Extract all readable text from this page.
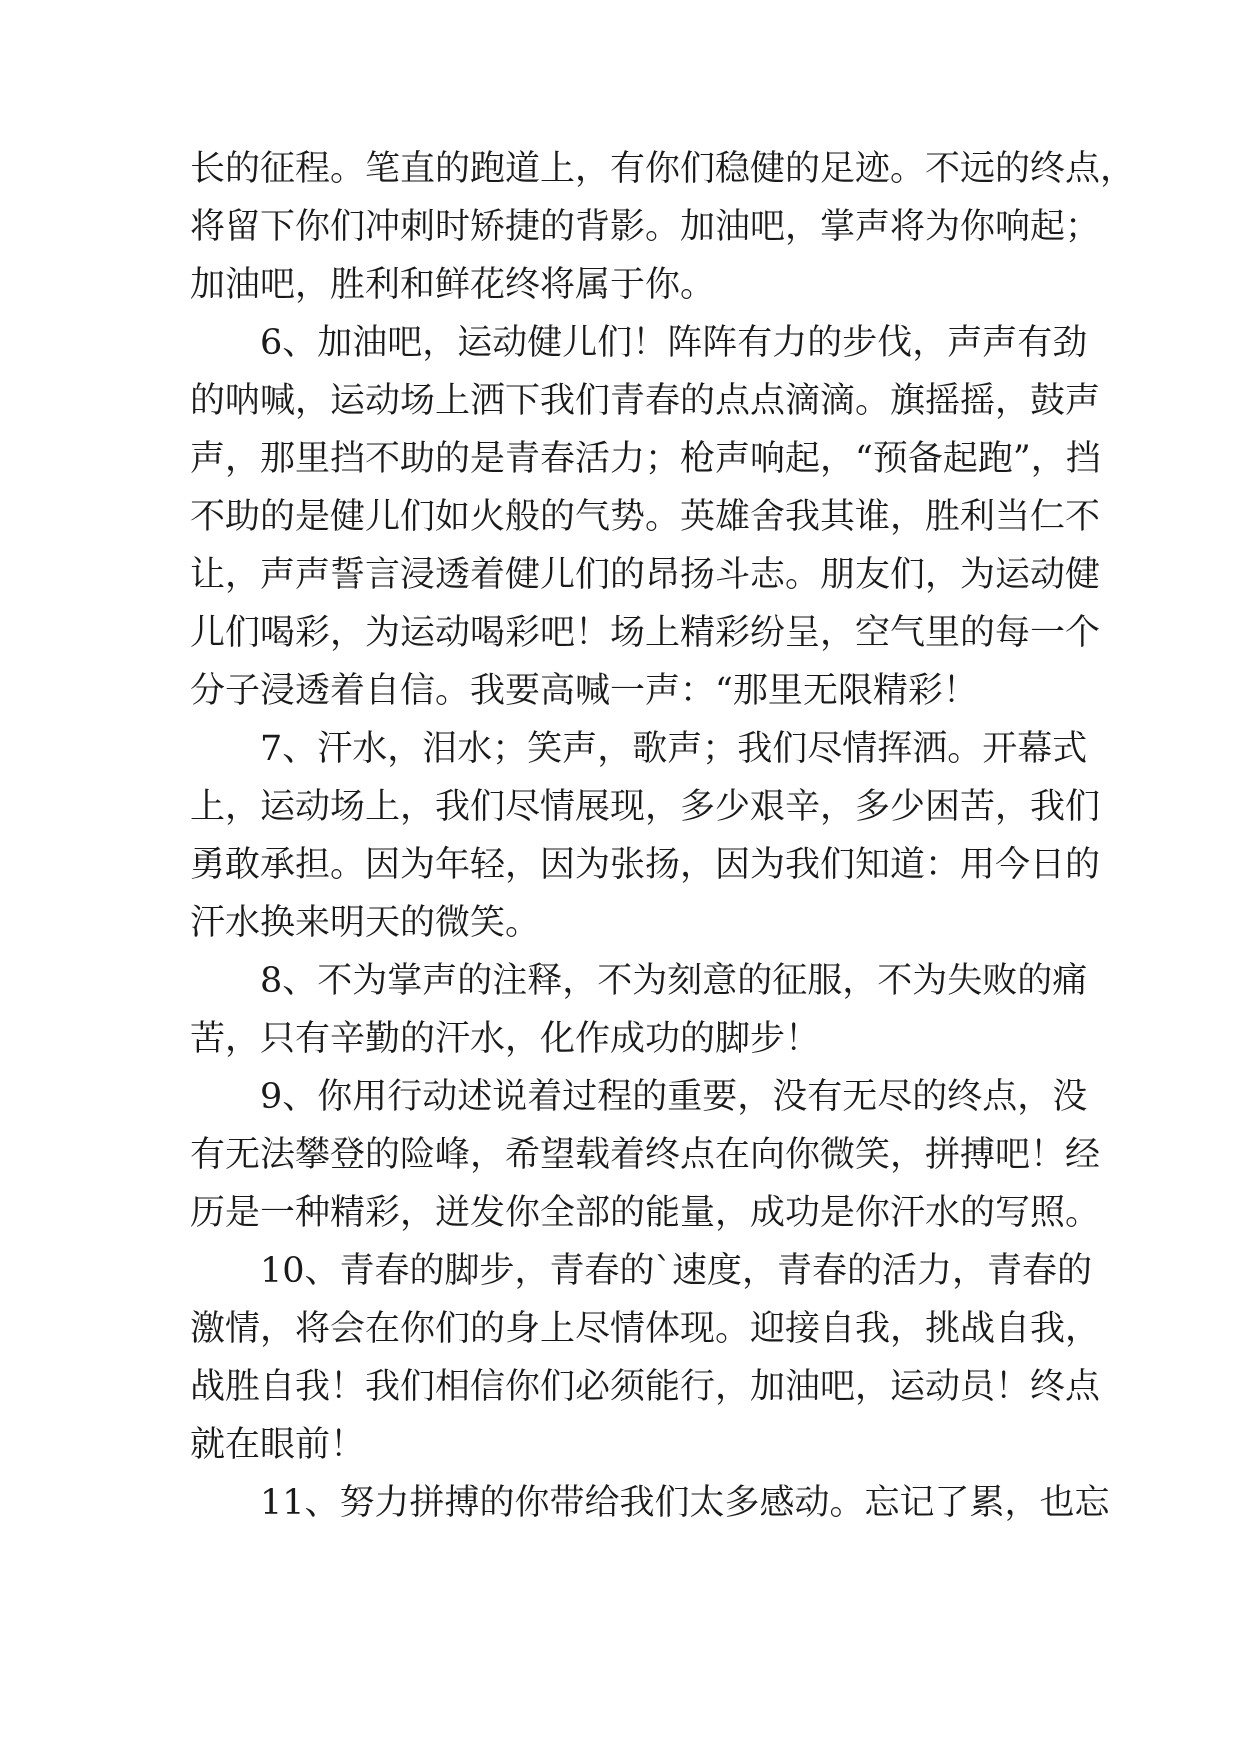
长的征程。笔直的跑道上，有你们稳健的足迹。不远的终点，
将留下你们冲刺时矫捷的背影。加油吧，掌声将为你响起；
加油吧，胜利和鲜花终将属于你。
6、加油吧，运动健儿们！阵阵有力的步伐，声声有劲
的呐喊，运动场上洒下我们青春的点点滴滴。旗摇摇，鼓声
声，那里挡不助的是青春活力；枪声响起，“预备起跑”，挡
不助的是健儿们如火般的气势。英雄舍我其谁，胜利当仁不
让，声声誓言浸透着健儿们的昂扬斗志。朋友们，为运动健
儿们喝彩，为运动喝彩吧！场上精彩纷呈，空气里的每一个
分子浸透着自信。我要高喊一声：“那里无限精彩！
7、汗水，泪水；笑声，歌声；我们尽情挥洒。开幕式
上，运动场上，我们尽情展现，多少艰辛，多少困苦，我们
勇敢承担。因为年轻，因为张扬，因为我们知道：用今日的
汗水换来明天的微笑。
8、不为掌声的注释，不为刻意的征服，不为失败的痛
苦，只有辛勤的汗水，化作成功的脚步！
9、你用行动述说着过程的重要，没有无尽的终点，没
有无法攀登的险峰，希望载着终点在向你微笑，拼搏吧！经
历是一种精彩，迸发你全部的能量，成功是你汗水的写照。
10、青春的脚步，青春的`速度，青春的活力，青春的
激情，将会在你们的身上尽情体现。迎接自我，挑战自我，
战胜自我！我们相信你们必须能行，加油吧，运动员！终点
就在眼前！
11、努力拼搏的你带给我们太多感动。忘记了累，也忘
